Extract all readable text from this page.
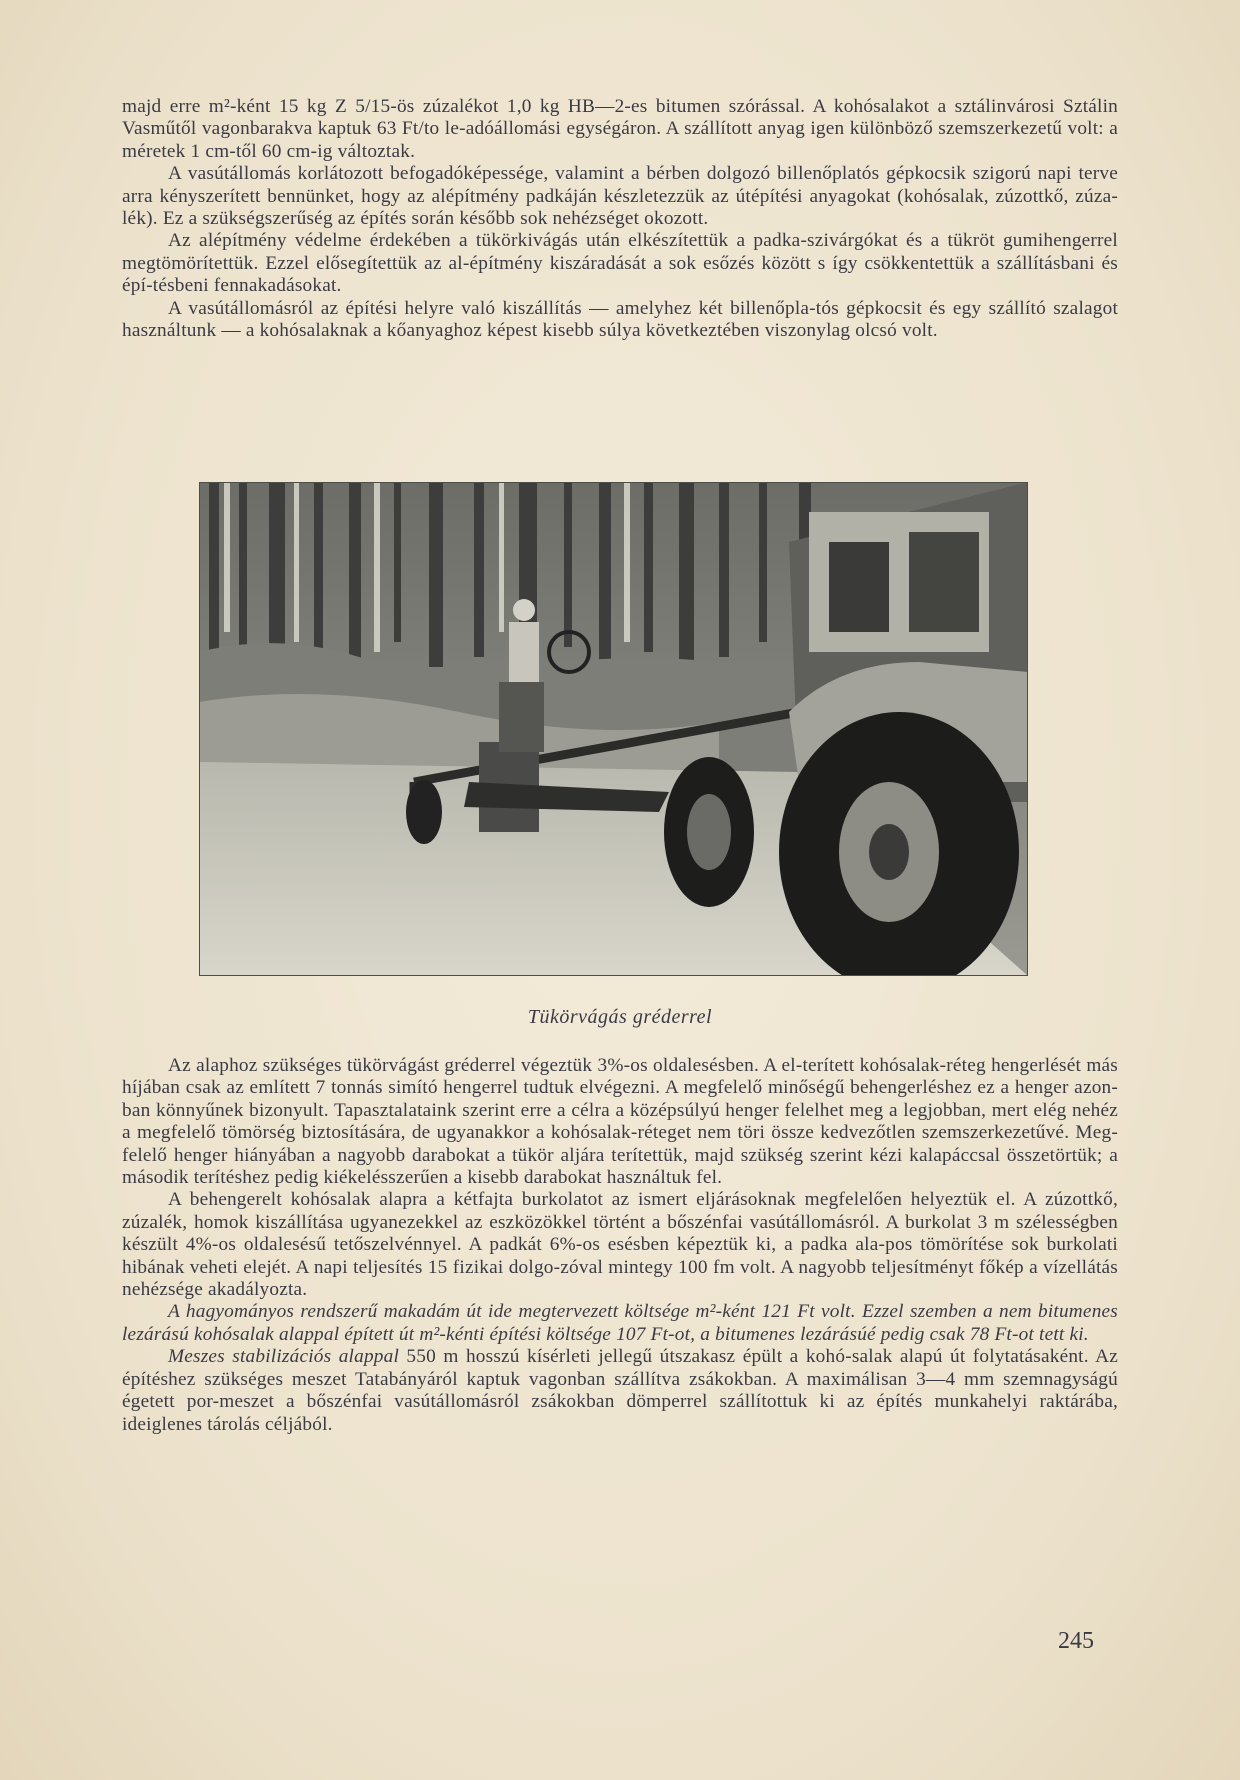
majd erre m²-ként 15 kg Z 5/15-ös zúzalékot 1,0 kg HB—2-es bitumen szórással. A kohósalakot a sztálinvárosi Sztálin Vasműtől vagonbarakva kaptuk 63 Ft/to le-adóállomási egységáron. A szállított anyag igen különböző szemszerkezetű volt: a méretek 1 cm-től 60 cm-ig változtak.

A vasútállomás korlátozott befogadóképessége, valamint a bérben dolgozó billenőplatós gépkocsik szigorú napi terve arra kényszerített bennünket, hogy az alépítmény padkáján készletezzük az útépítési anyagokat (kohósalak, zúzottkő, zúza-lék). Ez a szükségszerűség az építés során később sok nehézséget okozott.

Az alépítmény védelme érdekében a tükörkivágás után elkészítettük a padka-szivárgókat és a tükröt gumihengerrel megtömörítettük. Ezzel elősegítettük az al-építmény kiszáradását a sok esőzés között s így csökkentettük a szállításbani és épí-tésbeni fennakadásokat.

A vasútállomásról az építési helyre való kiszállítás — amelyhez két billenőpla-tós gépkocsit és egy szállító szalagot használtunk — a kohósalaknak a kőanyaghoz képest kisebb súlya következtében viszonylag olcsó volt.

Tükörvágás gréderrel

Az alaphoz szükséges tükörvágást gréderrel végeztük 3%-os oldalesésben. A el-terített kohósalak-réteg hengerlését más híjában csak az említett 7 tonnás simító hengerrel tudtuk elvégezni. A megfelelő minőségű behengerléshez ez a henger azon-ban könnyűnek bizonyult. Tapasztalataink szerint erre a célra a középsúlyú henger felelhet meg a legjobban, mert elég nehéz a megfelelő tömörség biztosítására, de ugyanakkor a kohósalak-réteget nem töri össze kedvezőtlen szemszerkezetűvé. Meg-felelő henger hiányában a nagyobb darabokat a tükör aljára terítettük, majd szükség szerint kézi kalapáccsal összetörtük; a második terítéshez pedig kiékelésszerűen a kisebb darabokat használtuk fel.

A behengerelt kohósalak alapra a kétfajta burkolatot az ismert eljárásoknak megfelelően helyeztük el. A zúzottkő, zúzalék, homok kiszállítása ugyanezekkel az eszközökkel történt a bőszénfai vasútállomásról. A burkolat 3 m szélességben készült 4%-os oldalesésű tetőszelvénnyel. A padkát 6%-os esésben képeztük ki, a padka ala-pos tömörítése sok burkolati hibának veheti elejét. A napi teljesítés 15 fizikai dolgo-zóval mintegy 100 fm volt. A nagyobb teljesítményt főkép a vízellátás nehézsége akadályozta.

A hagyományos rendszerű makadám út ide megtervezett költsége m²-ként 121 Ft volt. Ezzel szemben a nem bitumenes lezárású kohósalak alappal épített út m²-kénti építési költsége 107 Ft-ot, a bitumenes lezárásúé pedig csak 78 Ft-ot tett ki.

Meszes stabilizációs alappal 550 m hosszú kísérleti jellegű útszakasz épült a kohó-salak alapú út folytatásaként. Az építéshez szükséges meszet Tatabányáról kaptuk vagonban szállítva zsákokban. A maximálisan 3—4 mm szemnagyságú égetett por-meszet a bőszénfai vasútállomásról zsákokban dömperrel szállítottuk ki az építés munkahelyi raktárába, ideiglenes tárolás céljából.

245
